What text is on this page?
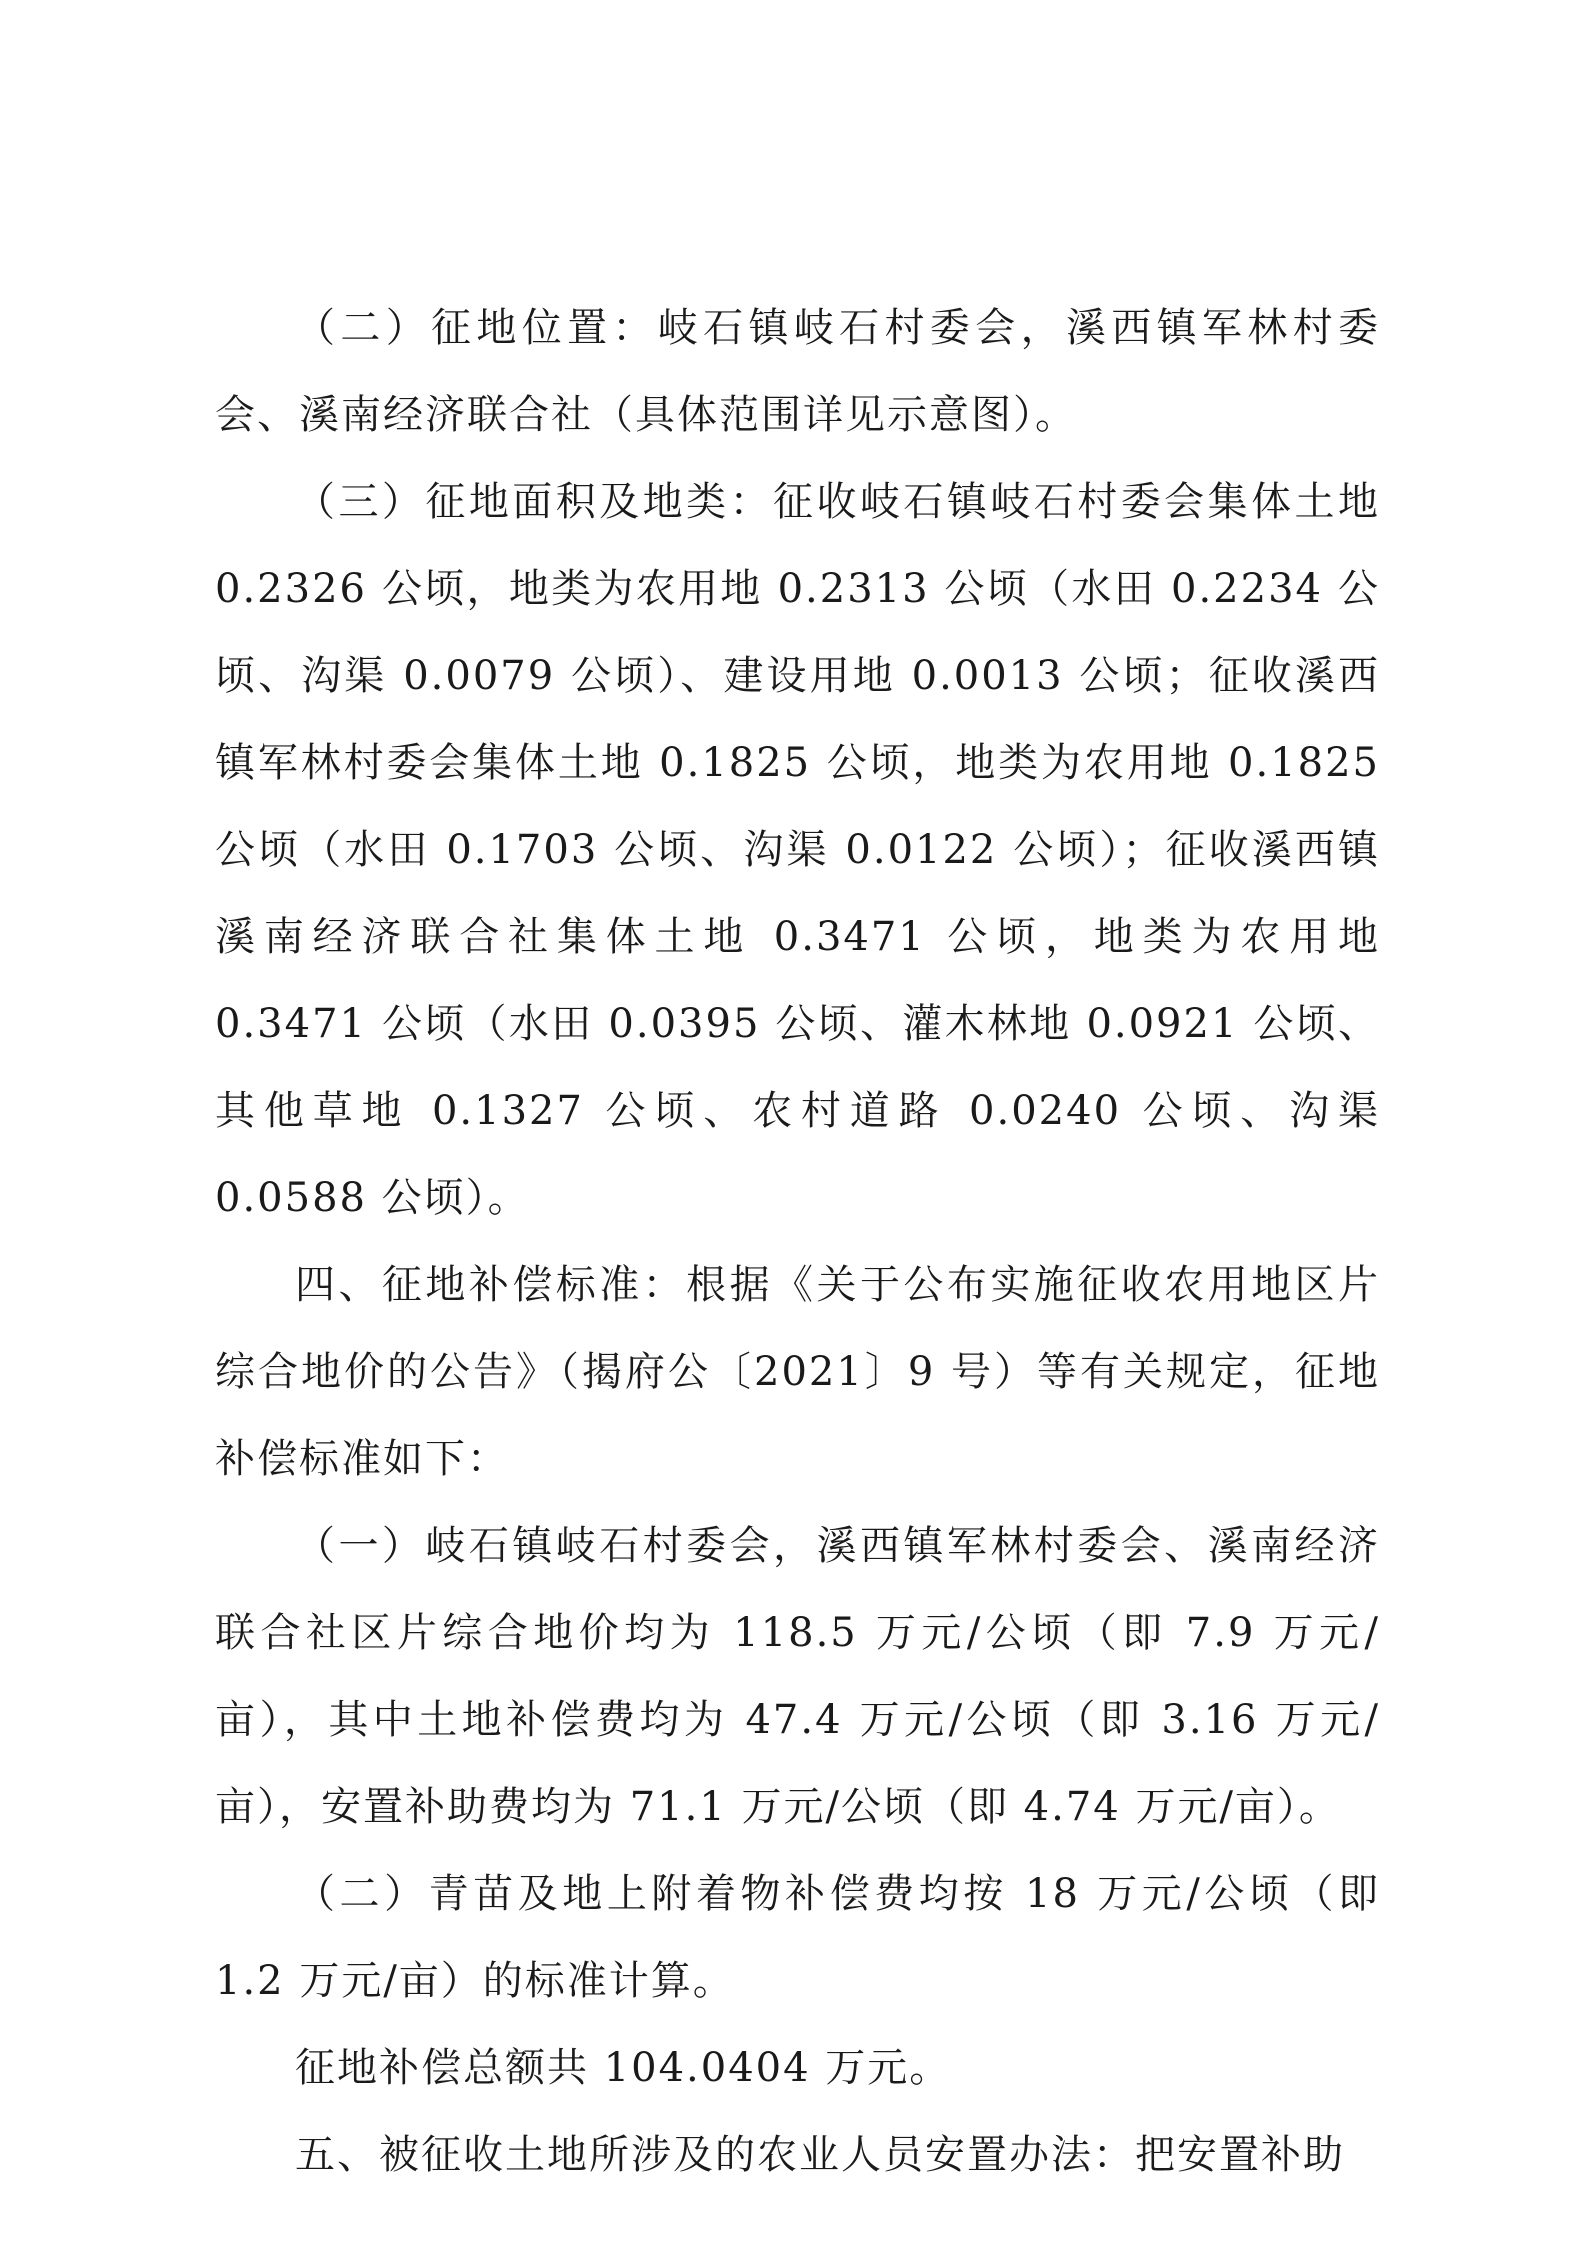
（二）征地位置：岐石镇岐石村委会，溪西镇军林村委会、溪南经济联合社（具体范围详见示意图）。

（三）征地面积及地类：征收岐石镇岐石村委会集体土地 0.2326 公顷，地类为农用地 0.2313 公顷（水田 0.2234 公顷、沟渠 0.0079 公顷）、建设用地 0.0013 公顷；征收溪西镇军林村委会集体土地 0.1825 公顷，地类为农用地 0.1825 公顷（水田 0.1703 公顷、沟渠 0.0122 公顷）；征收溪西镇溪南经济联合社集体土地 0.3471 公顷，地类为农用地 0.3471 公顷（水田 0.0395 公顷、灌木林地 0.0921 公顷、其他草地 0.1327 公顷、农村道路 0.0240 公顷、沟渠 0.0588 公顷）。

四、征地补偿标准：根据《关于公布实施征收农用地区片综合地价的公告》（揭府公〔2021〕9 号）等有关规定，征地补偿标准如下：

（一）岐石镇岐石村委会，溪西镇军林村委会、溪南经济联合社区片综合地价均为 118.5 万元/公顷（即 7.9 万元/亩），其中土地补偿费均为 47.4 万元/公顷（即 3.16 万元/亩），安置补助费均为 71.1 万元/公顷（即 4.74 万元/亩）。

（二）青苗及地上附着物补偿费均按 18 万元/公顷（即 1.2 万元/亩）的标准计算。

征地补偿总额共 104.0404 万元。

五、被征收土地所涉及的农业人员安置办法：把安置补助
